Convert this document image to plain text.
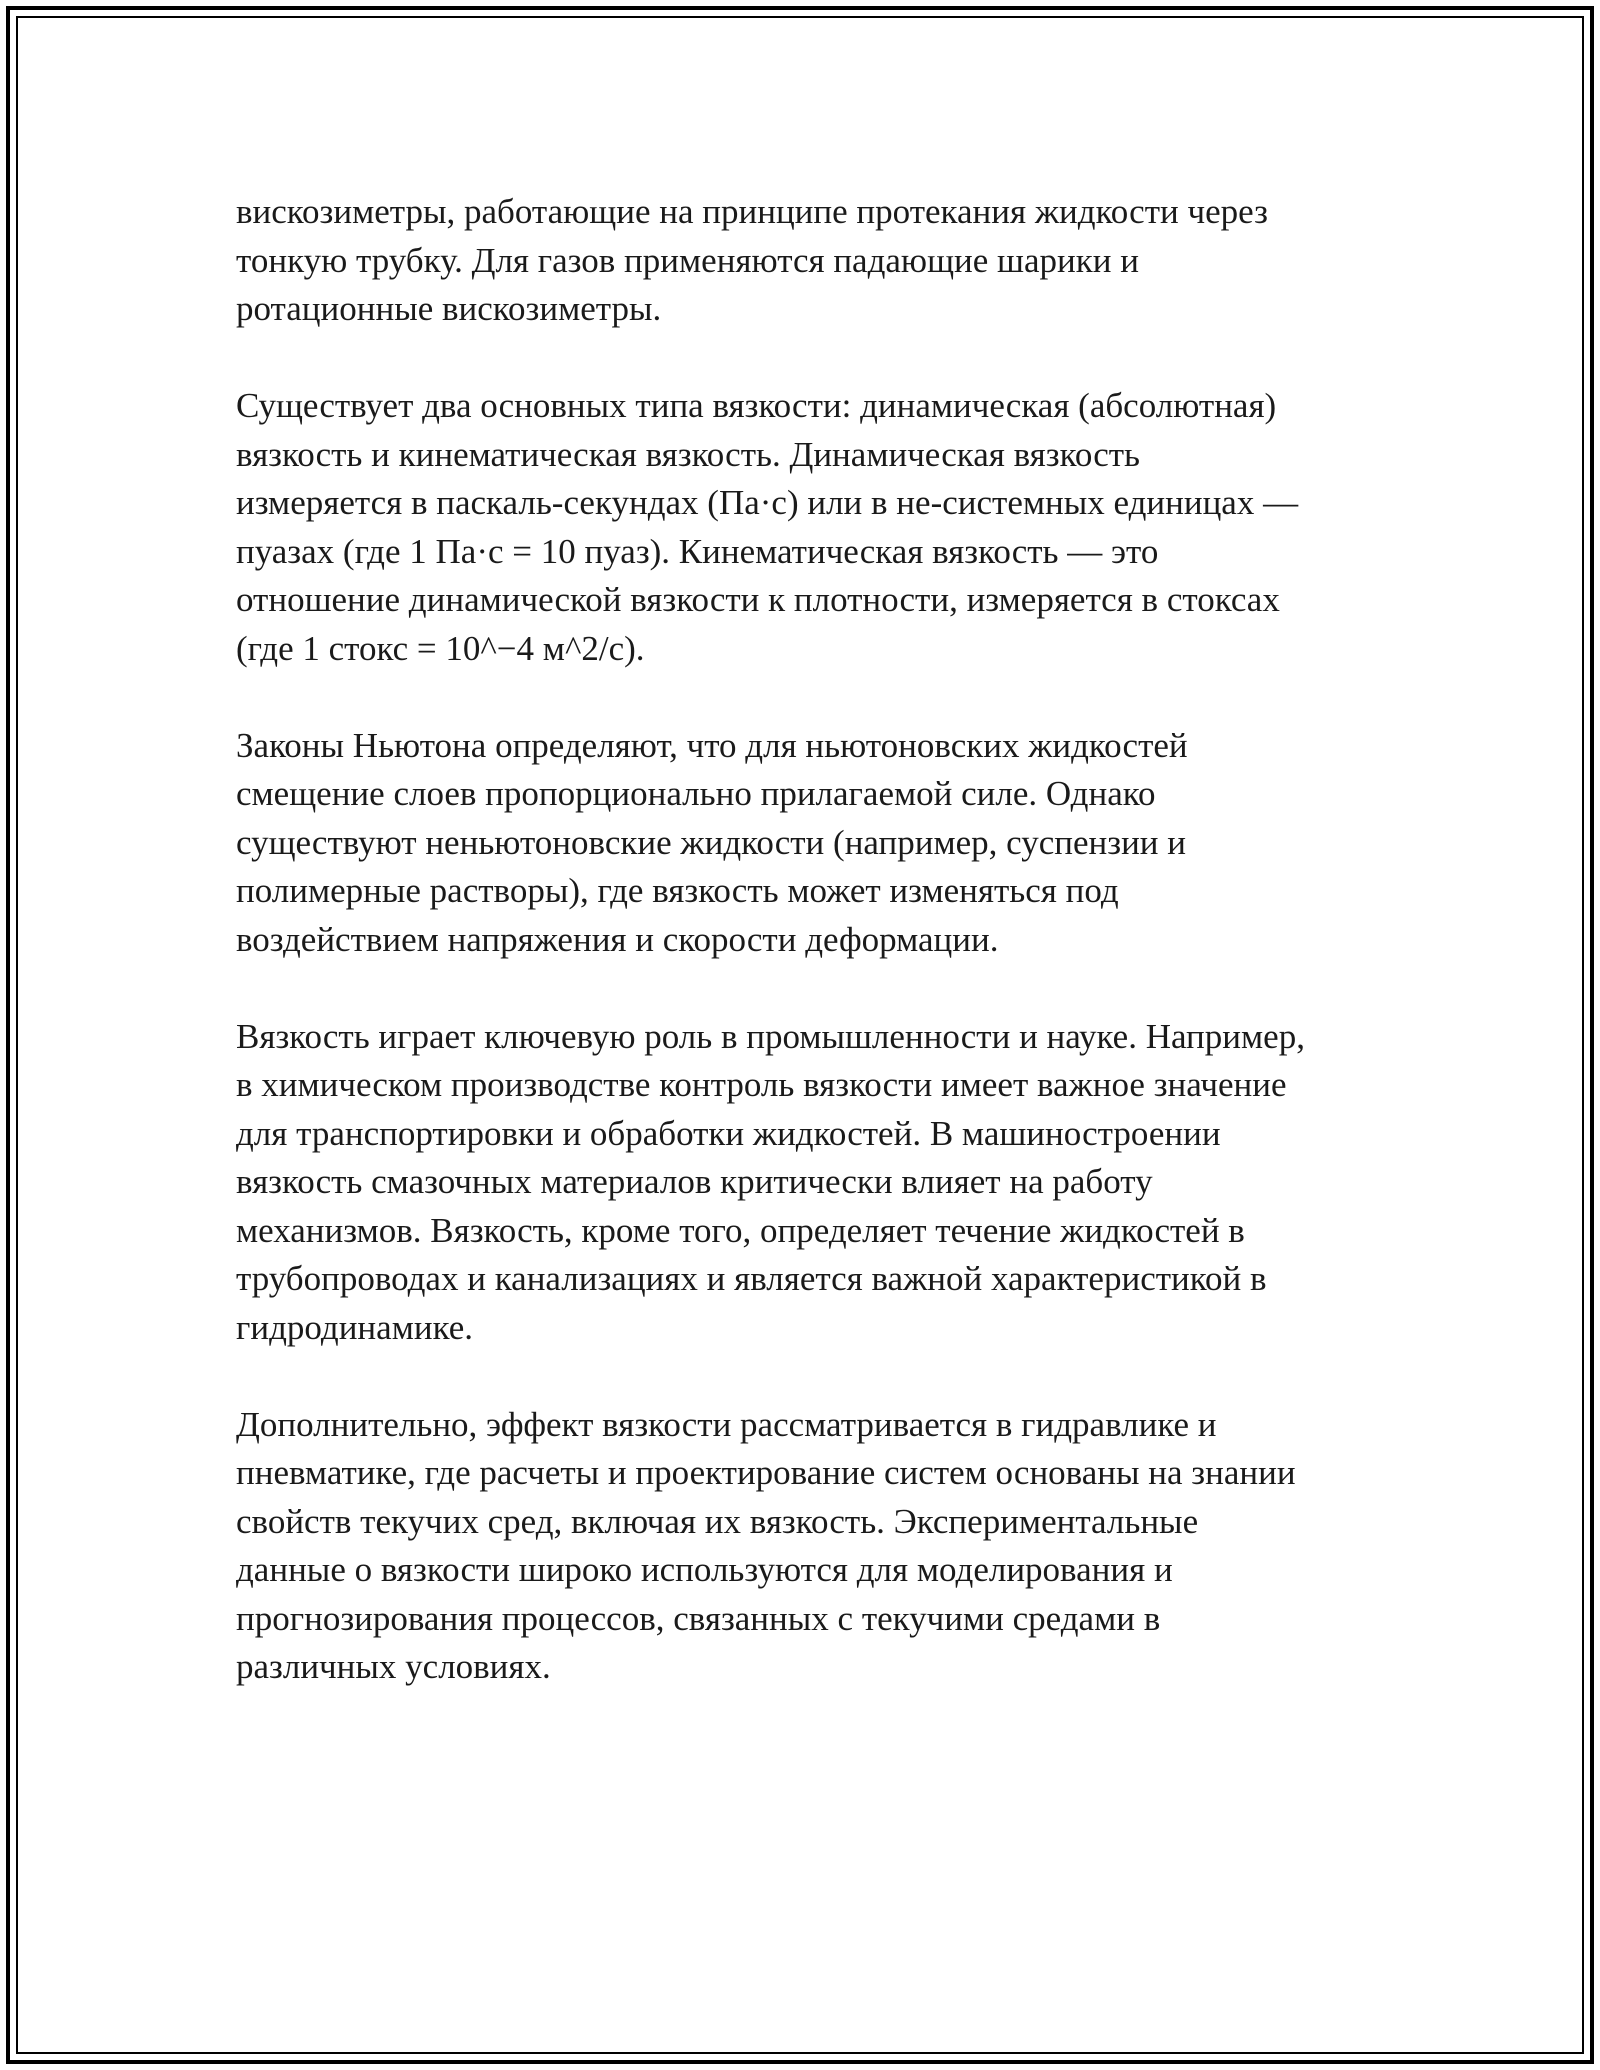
вискозиметры, работающие на принципе протекания жидкости через
тонкую трубку. Для газов применяются падающие шарики и
ротационные вискозиметры.

Существует два основных типа вязкости: динамическая (абсолютная)
вязкость и кинематическая вязкость. Динамическая вязкость
измеряется в паскаль-секундах (Па·с) или в не-системных единицах —
пуазах (где 1 Па·с = 10 пуаз). Кинематическая вязкость — это
отношение динамической вязкости к плотности, измеряется в стоксах
(где 1 стокс = 10^−4 м^2/с).

Законы Ньютона определяют, что для ньютоновских жидкостей
смещение слоев пропорционально прилагаемой силе. Однако
существуют неньютоновские жидкости (например, суспензии и
полимерные растворы), где вязкость может изменяться под
воздействием напряжения и скорости деформации.

Вязкость играет ключевую роль в промышленности и науке. Например,
в химическом производстве контроль вязкости имеет важное значение
для транспортировки и обработки жидкостей. В машиностроении
вязкость смазочных материалов критически влияет на работу
механизмов. Вязкость, кроме того, определяет течение жидкостей в
трубопроводах и канализациях и является важной характеристикой в
гидродинамике.

Дополнительно, эффект вязкости рассматривается в гидравлике и
пневматике, где расчеты и проектирование систем основаны на знании
свойств текучих сред, включая их вязкость. Экспериментальные
данные о вязкости широко используются для моделирования и
прогнозирования процессов, связанных с текучими средами в
различных условиях.
